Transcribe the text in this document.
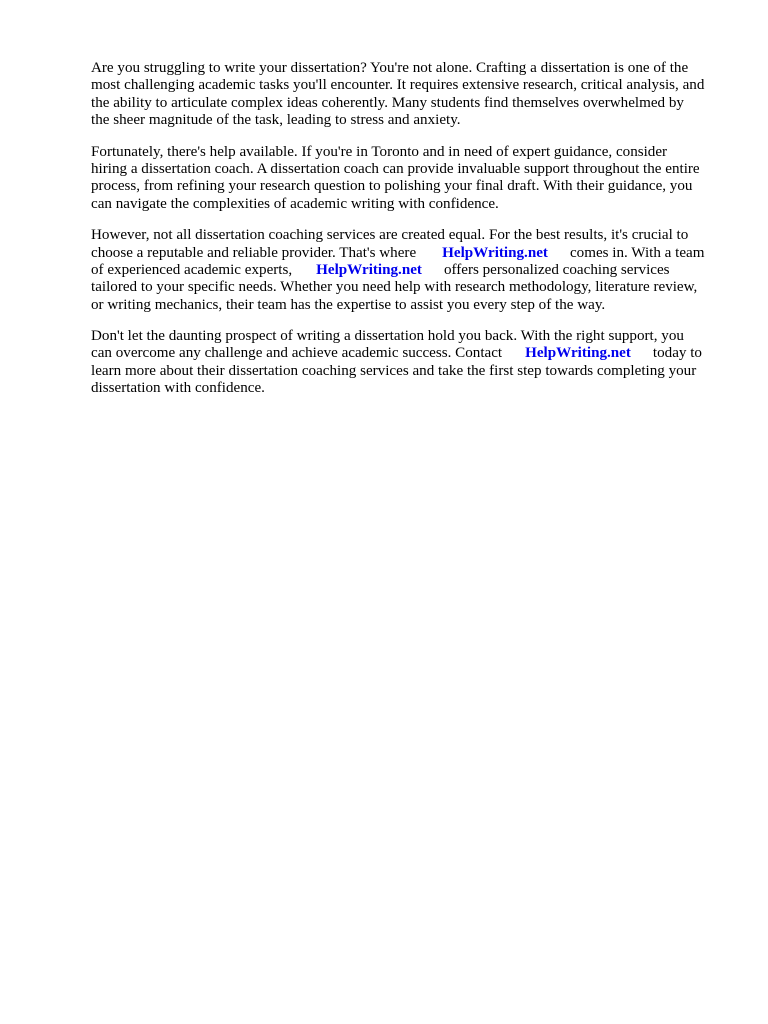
Are you struggling to write your dissertation? You're not alone. Crafting a dissertation is one of the
most challenging academic tasks you'll encounter. It requires extensive research, critical analysis, and
the ability to articulate complex ideas coherently. Many students find themselves overwhelmed by
the sheer magnitude of the task, leading to stress and anxiety.
Fortunately, there's help available. If you're in Toronto and in need of expert guidance, consider
hiring a dissertation coach. A dissertation coach can provide invaluable support throughout the entire
process, from refining your research question to polishing your final draft. With their guidance, you
can navigate the complexities of academic writing with confidence.
However, not all dissertation coaching services are created equal. For the best results, it's crucial to
choose a reputable and reliable provider. That's where HelpWriting.net comes in. With a team
of experienced academic experts, HelpWriting.net offers personalized coaching services
tailored to your specific needs. Whether you need help with research methodology, literature review,
or writing mechanics, their team has the expertise to assist you every step of the way.
Don't let the daunting prospect of writing a dissertation hold you back. With the right support, you
can overcome any challenge and achieve academic success. Contact HelpWriting.net today to
learn more about their dissertation coaching services and take the first step towards completing your
dissertation with confidence.
